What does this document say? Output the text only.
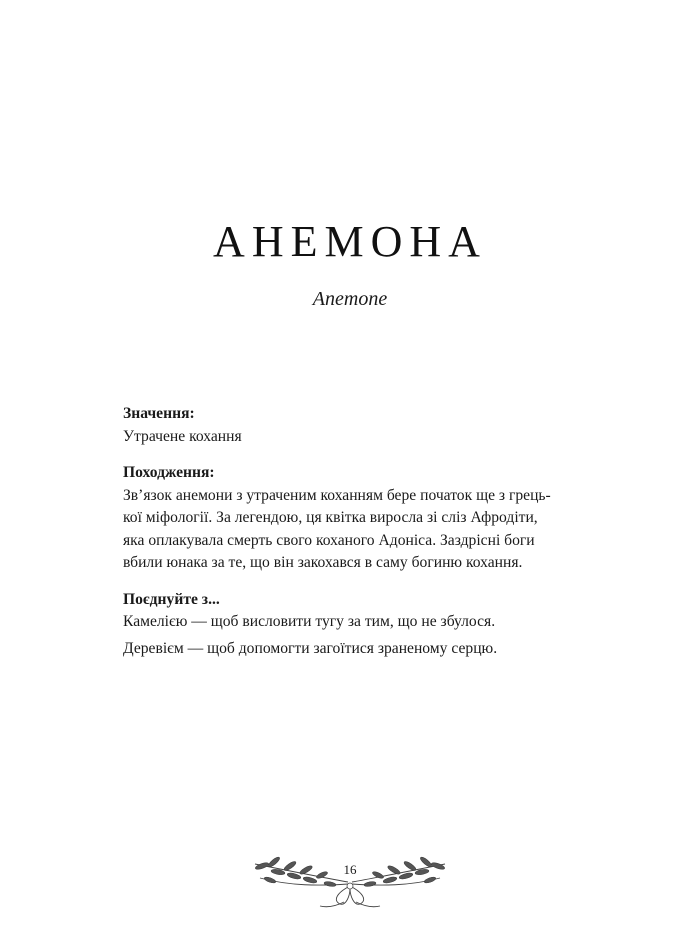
АНЕМОНА
Anemone

Значення:

Утрачене кохання

Походження:

Зв’язок анемони з утраченим коханням бере початок ще з грець-
кої міфології. За легендою, ця квітка виросла зі сліз Афродіти,
яка оплакувала смерть свого коханого Адоніса. Заздрісні боги
вбили юнака за те, що він закохався в саму богиню кохання.

Поєднуйте з...

Камелією — щоб висловити тугу за тим, що не збулося.

Деревієм — щоб допомогти загоїтися зраненому серцю.

16
